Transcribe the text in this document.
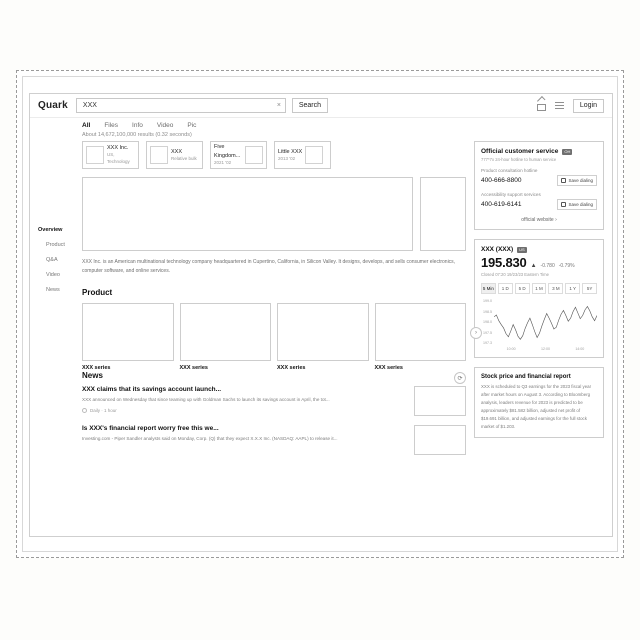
Quark
XXX	×	Search	Login
All Files Info Video Pic
About 14,672,100,000 results (0.32 seconds)
Overview
Product
Q&A
Video
News
XXX Inc.
US, Technology
XXX
Relative bulk
Five Kingdom...
2021 '02
Little XXX
2013 '02
XXX Inc. is an American multinational technology company headquartered in Cupertino, California, in Silicon Valley. It designs, develops, and sells consumer electronics, computer software, and online services.
Product
XXX series	XXX series	XXX series	XXX series
›
News	⟳
XXX claims that its savings account launch...
XXX announced on Wednesday that since teaming up with Goldman Sachs to launch its savings account in April, the tot...
Daily · 1 hour
Is XXX's financial report worry free this we...
Investing.com - Piper Sandler analysts said on Monday, Corp. (Q) that they expect X.X.X Inc. (NASDAQ: AAPL) to release it...
Official customer service	OH
777*7x 24-hour hotline to human service
Product consultation hotline
400-666-8800	Save dialing
Accessibility support services
400-619-6141	Save dialing
official website ›
XXX (XXX)	US
195.830 ▲ -0.780 -0.79%
Closed 07:20 19/23/23 Eastern Time
5 Min	1 D	5 D	1 M	3 M	1 Y	5Y
199.0
198.5
198.0
197.5
197.3
10:00	12:00	14:00
Stock price and financial report
XXX is scheduled to Q3 earnings for the 2023 fiscal year after market hours on August 3. According to Bloomberg analysis, leaders revenue for 2023 is predicted to be approximately $81.582 billion, adjusted net profit of $19.691 billion, and adjusted earnings for the full stock market of $1.203.
